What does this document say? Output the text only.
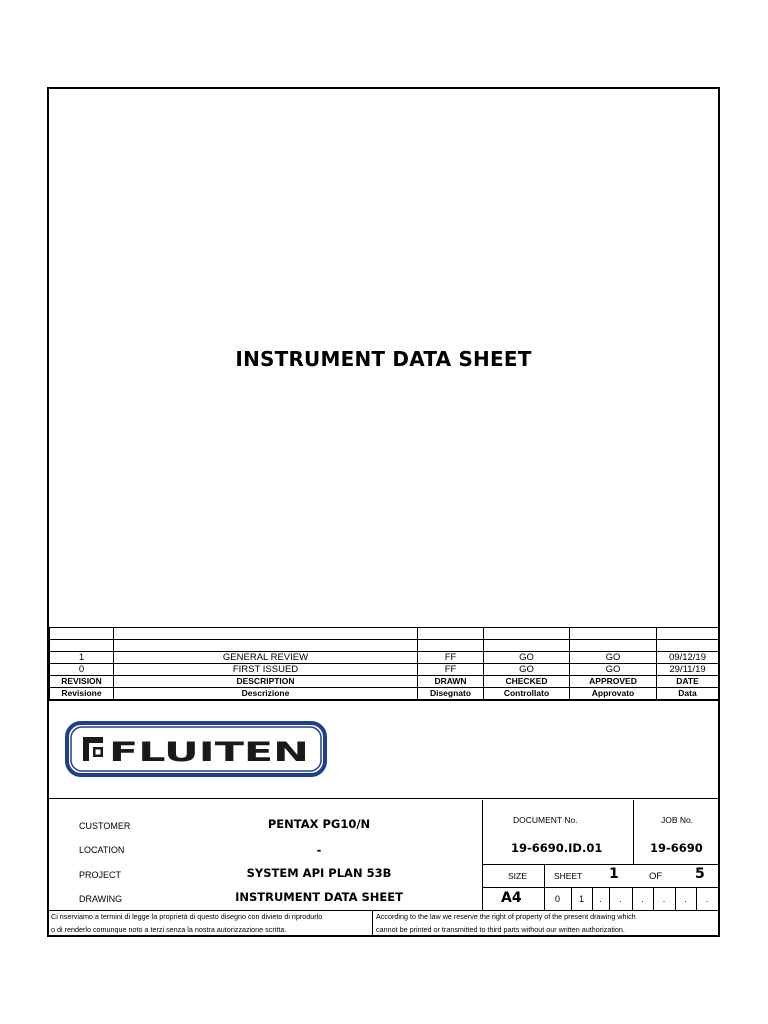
INSTRUMENT DATA SHEET

1	GENERAL REVIEW	FF	GO	GO	09/12/19
0	FIRST ISSUED	FF	GO	GO	29/11/19
REVISION	DESCRIPTION	DRAWN	CHECKED	APPROVED	DATE
Revisione	Descrizione	Disegnato	Controllato	Approvato	Data
FLUITEN
CUSTOMER	PENTAX PG10/N
LOCATION	-
PROJECT	SYSTEM API PLAN 53B
DRAWING	INSTRUMENT DATA SHEET
DOCUMENT No.
19-6690.ID.01
JOB No.
19-6690
SIZE	SHEET 1	OF 5
A4	0	1	.	.	.	.	.	.
Ci riserviamo a termini di legge la proprietà di questo disegno con divieto di riprodurlo
o di renderlo comunque noto a terzi senza la nostra autorizzazione scritta.
According to the law we reserve the right of property of the present drawing which
cannot be printed or transmitted to third parts without our written authorization.
